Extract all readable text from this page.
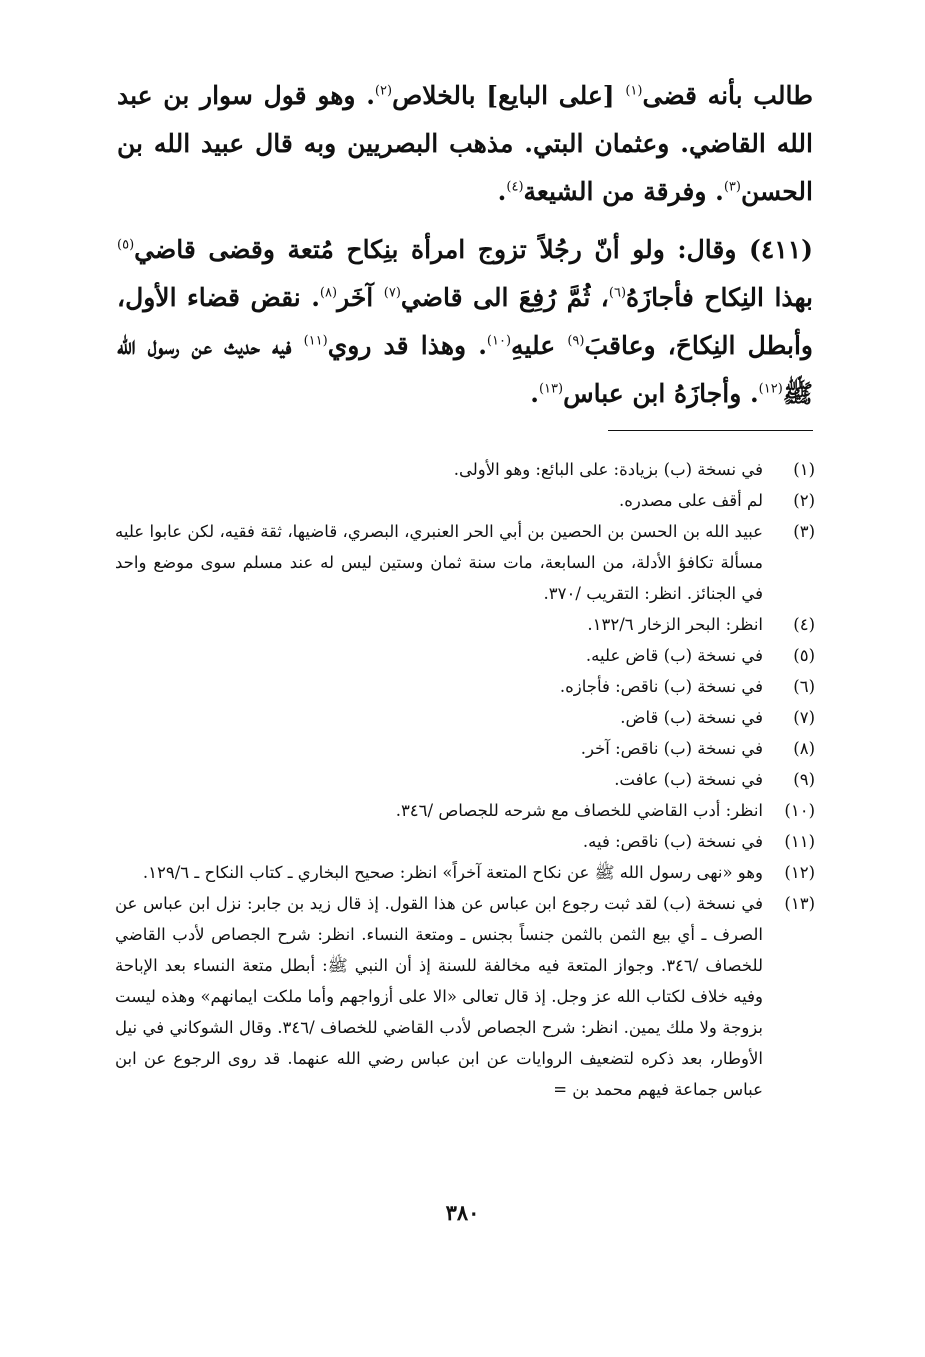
طالب بأنه قضى$^{(١)}$ [على البايع] بالخلاص$^{(٢)}$. وهو قول سوار بن عبد الله القاضي. وعثمان البتي. مذهب البصريين وبه قال عبيد الله بن الحسن$^{(٣)}$. وفرقة من الشيعة$^{(٤)}$.

(٤١١) وقال: ولو أنّ رجُلاً تزوج امرأة بنِكاح مُتعة وقضى قاضي$^{(٥)}$ بهذا النِكاح فأجازَهُ$^{(٦)}$، ثُمَّ رُفِعَ الى قاضي$^{(٧)}$ آخَر$^{(٨)}$. نقض قضاء الأول، وأبطل النِكاحَ، وعاقبَ$^{(٩)}$ عليهِ$^{(١٠)}$. وهذا قد روي$^{(١١)}$ فيه حديث عن رسول الله ﷺ$^{(١٢)}$. وأجازَهُ ابن عباس$^{(١٣)}$.

(١)
في نسخة (ب) بزيادة: على البائع: وهو الأولى.
(٢)
لم أقف على مصدره.
(٣)
عبيد الله بن الحسن بن الحصين بن أبي الحر العنبري، البصري، قاضيها، ثقة فقيه، لكن عابوا عليه مسألة تكافؤ الأدلة، من السابعة، مات سنة ثمان وستين ليس له عند مسلم سوى موضع واحد في الجنائز. انظر: التقريب /٣٧٠.
(٤)
انظر: البحر الزخار ١٣٢/٦.
(٥)
في نسخة (ب) قاض عليه.
(٦)
في نسخة (ب) ناقص: فأجازه.
(٧)
في نسخة (ب) قاض.
(٨)
في نسخة (ب) ناقص: آخر.
(٩)
في نسخة (ب) عافت.
(١٠)
انظر: أدب القاضي للخصاف مع شرحه للجصاص /٣٤٦.
(١١)
في نسخة (ب) ناقص: فيه.
(١٢)
وهو «نهى رسول الله ﷺ عن نكاح المتعة آخراً» انظر: صحيح البخاري ـ كتاب النكاح ـ ١٢٩/٦.
(١٣)
في نسخة (ب) لقد ثبت رجوع ابن عباس عن هذا القول. إذ قال زيد بن جابر: نزل ابن عباس عن الصرف ـ أي بيع الثمن بالثمن جنساً بجنس ـ ومتعة النساء. انظر: شرح الجصاص لأدب القاضي للخصاف /٣٤٦. وجواز المتعة فيه مخالفة للسنة إذ أن النبي ﷺ: أبطل متعة النساء بعد الإباحة وفيه خلاف لكتاب الله عز وجل. إذ قال تعالى «الا على أزواجهم وأما ملكت ايمانهم» وهذه ليست بزوجة ولا ملك يمين. انظر: شرح الجصاص لأدب القاضي للخصاف /٣٤٦. وقال الشوكاني في نيل الأوطار، بعد ذكره لتضعيف الروايات عن ابن عباس رضي الله عنهما. قد روى الرجوع عن ابن عباس جماعة فيهم محمد بن =
٣٨٠
